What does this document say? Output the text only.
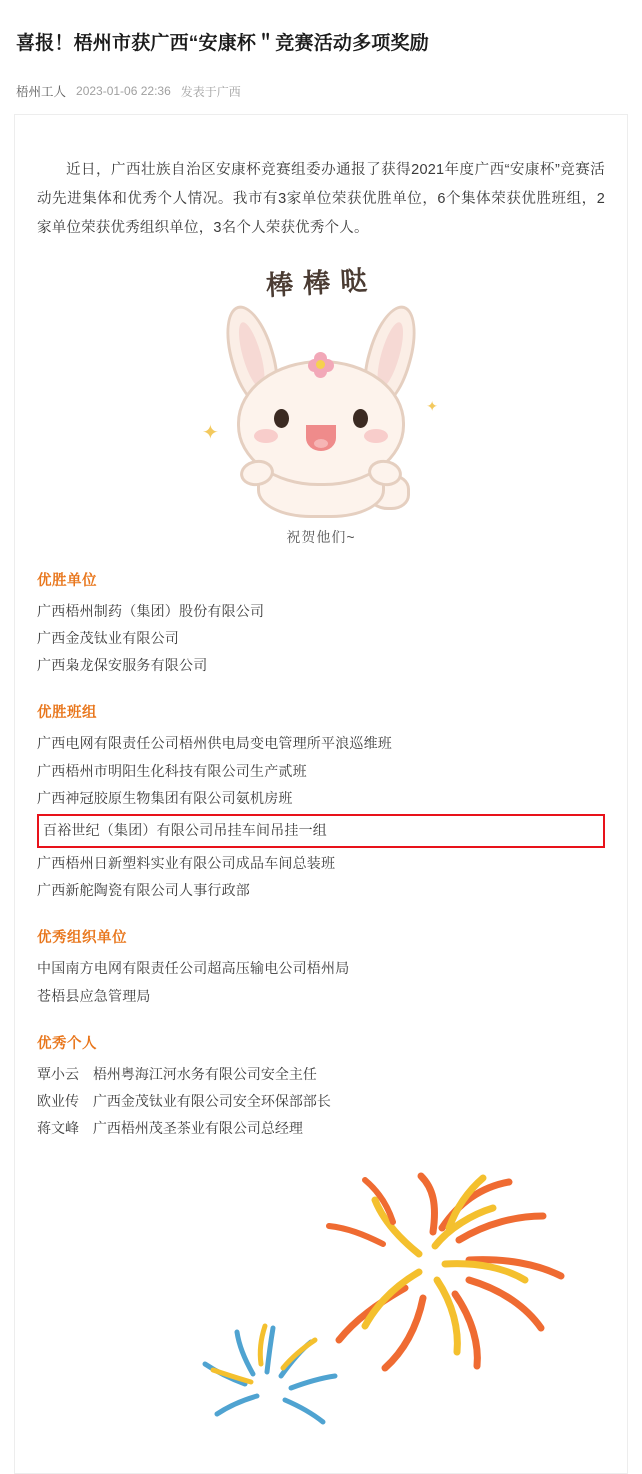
喜报！梧州市获广西“安康杯＂竞赛活动多项奖励
梧州工人 2023-01-06 22:36 发表于广西

近日，广西壮族自治区安康杯竞赛组委办通报了获得2021年度广西“安康杯”竞赛活动先进集体和优秀个人情况。我市有3家单位荣获优胜单位，6个集体荣获优胜班组，2家单位荣获优秀组织单位，3名个人荣获优秀个人。

棒棒哒
✦
✦
祝贺他们~
优胜单位
广西梧州制药（集团）股份有限公司
广西金茂钛业有限公司
广西枭龙保安服务有限公司
优胜班组
广西电网有限责任公司梧州供电局变电管理所平浪巡维班
广西梧州市明阳生化科技有限公司生产贰班
广西神冠胶原生物集团有限公司氨机房班
百裕世纪（集团）有限公司吊挂车间吊挂一组
广西梧州日新塑料实业有限公司成品车间总装班
广西新舵陶瓷有限公司人事行政部
优秀组织单位
中国南方电网有限责任公司超高压输电公司梧州局
苍梧县应急管理局
优秀个人
覃小云 梧州粤海江河水务有限公司安全主任
欧业传 广西金茂钛业有限公司安全环保部部长
蒋文峰 广西梧州茂圣茶业有限公司总经理
